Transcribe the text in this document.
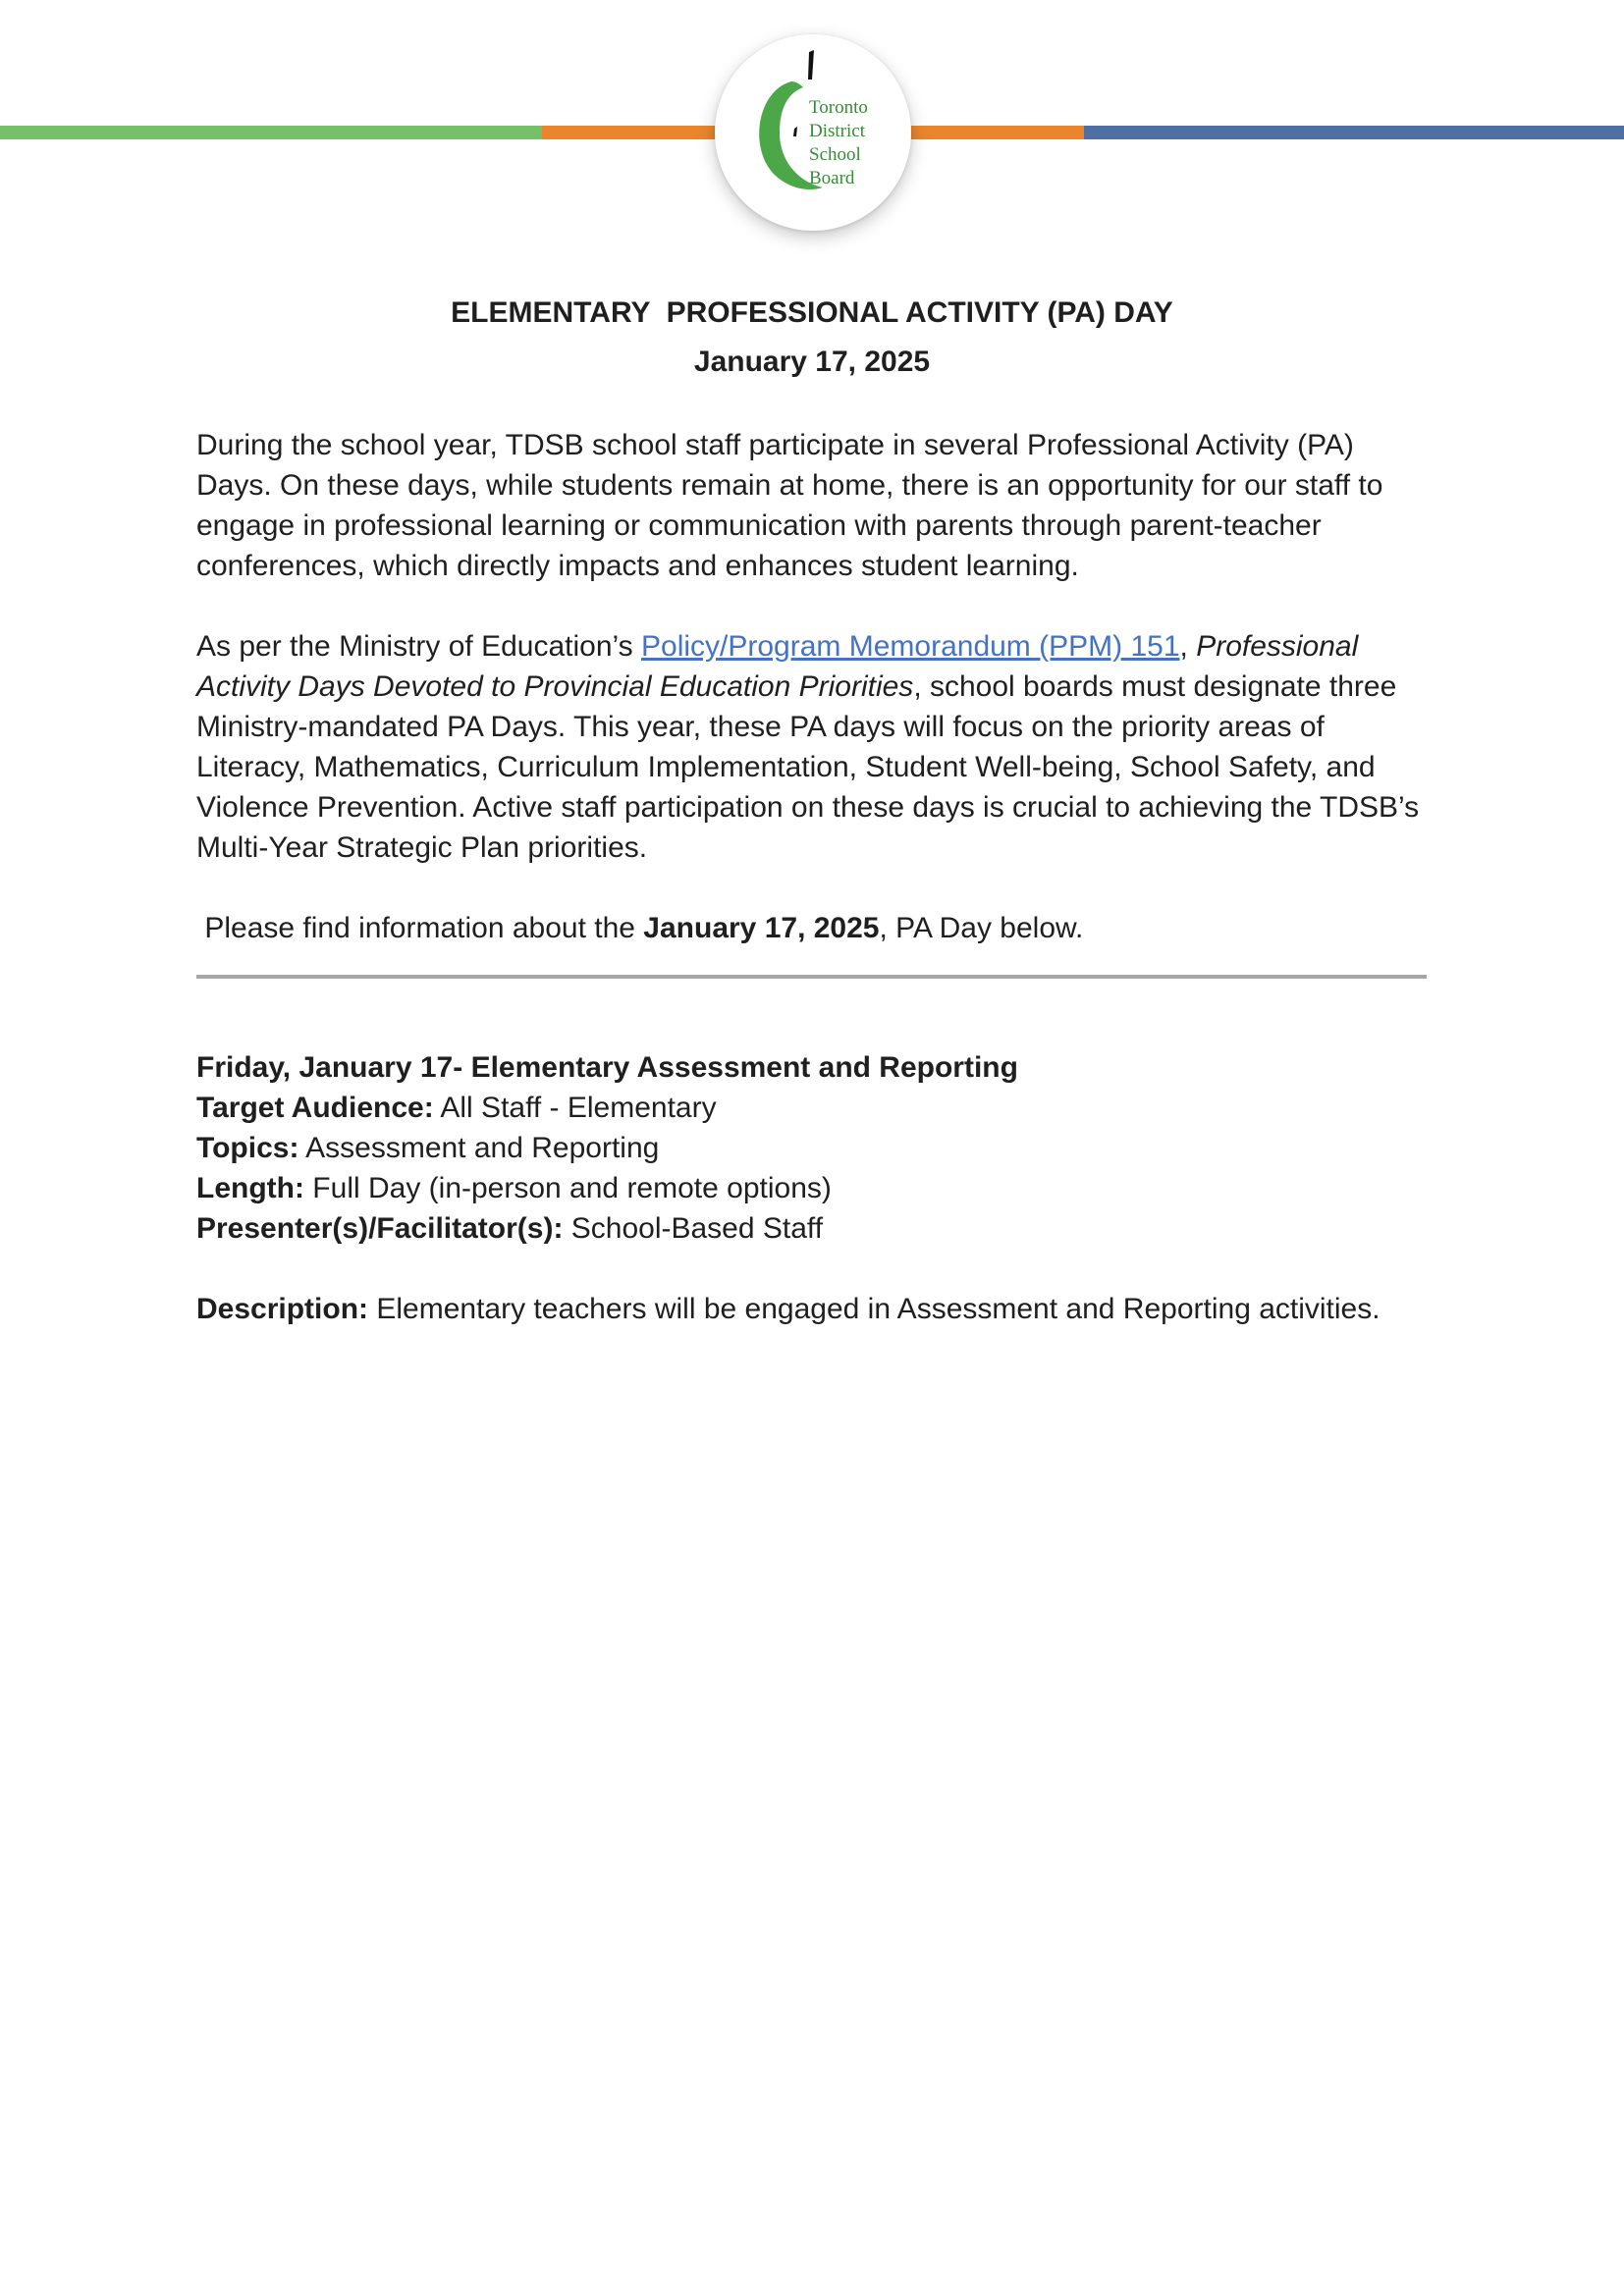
Toronto
District
School
Board
ELEMENTARY  PROFESSIONAL ACTIVITY (PA) DAY
January 17, 2025

During the school year, TDSB school staff participate in several Professional Activity (PA) Days. On these days, while students remain at home, there is an opportunity for our staff to engage in professional learning or communication with parents through parent-teacher conferences, which directly impacts and enhances student learning.

As per the Ministry of Education’s Policy/Program Memorandum (PPM) 151, Professional Activity Days Devoted to Provincial Education Priorities, school boards must designate three Ministry-mandated PA Days. This year, these PA days will focus on the priority areas of Literacy, Mathematics, Curriculum Implementation, Student Well-being, School Safety, and Violence Prevention. Active staff participation on these days is crucial to achieving the TDSB’s Multi-Year Strategic Plan priorities.

Please find information about the January 17, 2025, PA Day below.

Friday, January 17- Elementary Assessment and Reporting

Target Audience: All Staff - Elementary

Topics: Assessment and Reporting

Length: Full Day (in-person and remote options)

Presenter(s)/Facilitator(s): School-Based Staff

Description: Elementary teachers will be engaged in Assessment and Reporting activities.
